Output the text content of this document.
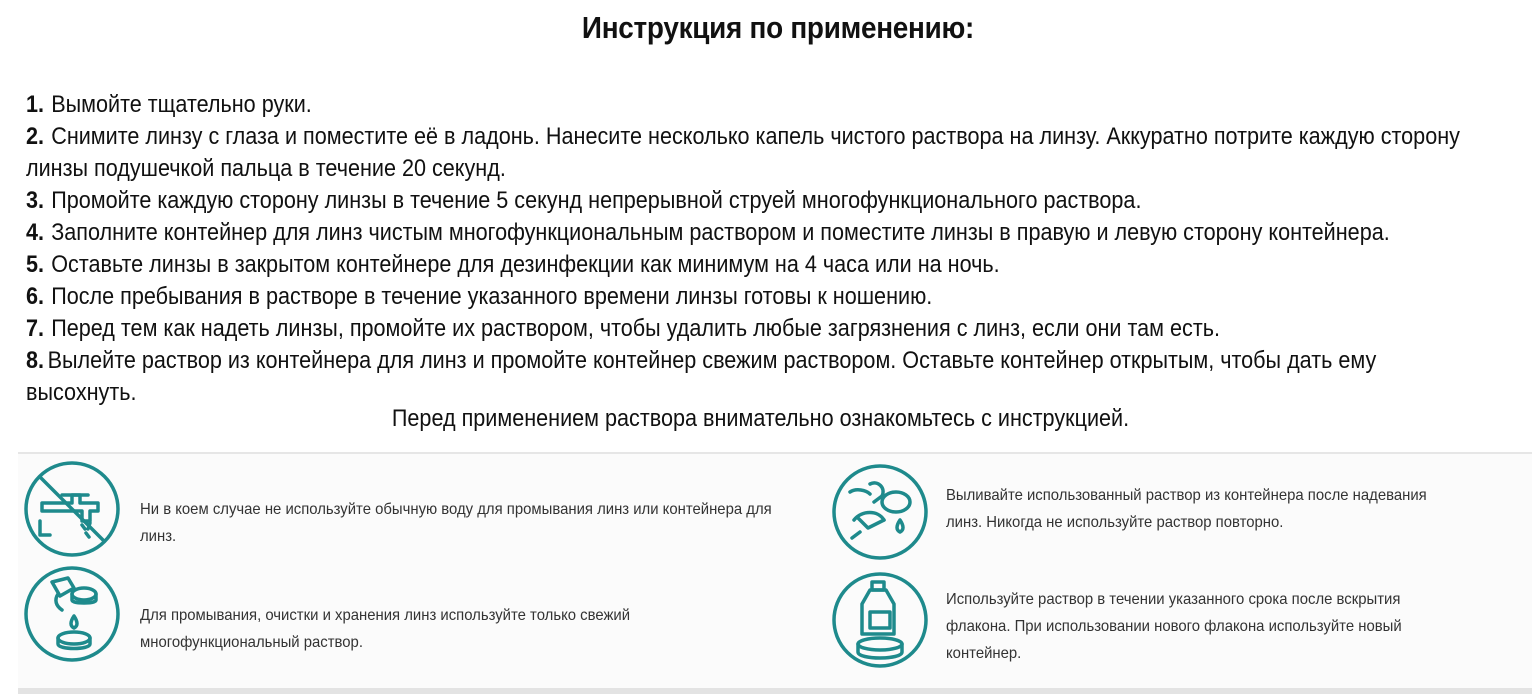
Инструкция по применению:
1. Вымойте тщательно руки.
2. Снимите линзу с глаза и поместите её в ладонь. Нанесите несколько капель чистого раствора на линзу. Аккуратно потрите каждую сторону линзы подушечкой пальца в течение 20 секунд.
3. Промойте каждую сторону линзы в течение 5 секунд непрерывной струей многофункционального раствора.
4. Заполните контейнер для линз чистым многофункциональным раствором и поместите линзы в правую и левую сторону контейнера.
5. Оставьте линзы в закрытом контейнере для дезинфекции как минимум на 4 часа или на ночь.
6. После пребывания в растворе в течение указанного времени линзы готовы к ношению.
7. Перед тем как надеть линзы, промойте их раствором, чтобы удалить любые загрязнения с линз, если они там есть.
8. Вылейте раствор из контейнера для линз и промойте контейнер свежим раствором. Оставьте контейнер открытым, чтобы дать ему высохнуть.
Перед применением раствора внимательно ознакомьтесь с инструкцией.
Ни в коем случае не используйте обычную воду для промывания линз или контейнера для линз.
Выливайте использованный раствор из контейнера после надевания линз. Никогда не используйте раствор повторно.
Для промывания, очистки и хранения линз используйте только свежий многофункциональный раствор.
Используйте раствор в течении указанного срока после вскрытия флакона. При использовании нового флакона используйте новый контейнер.
